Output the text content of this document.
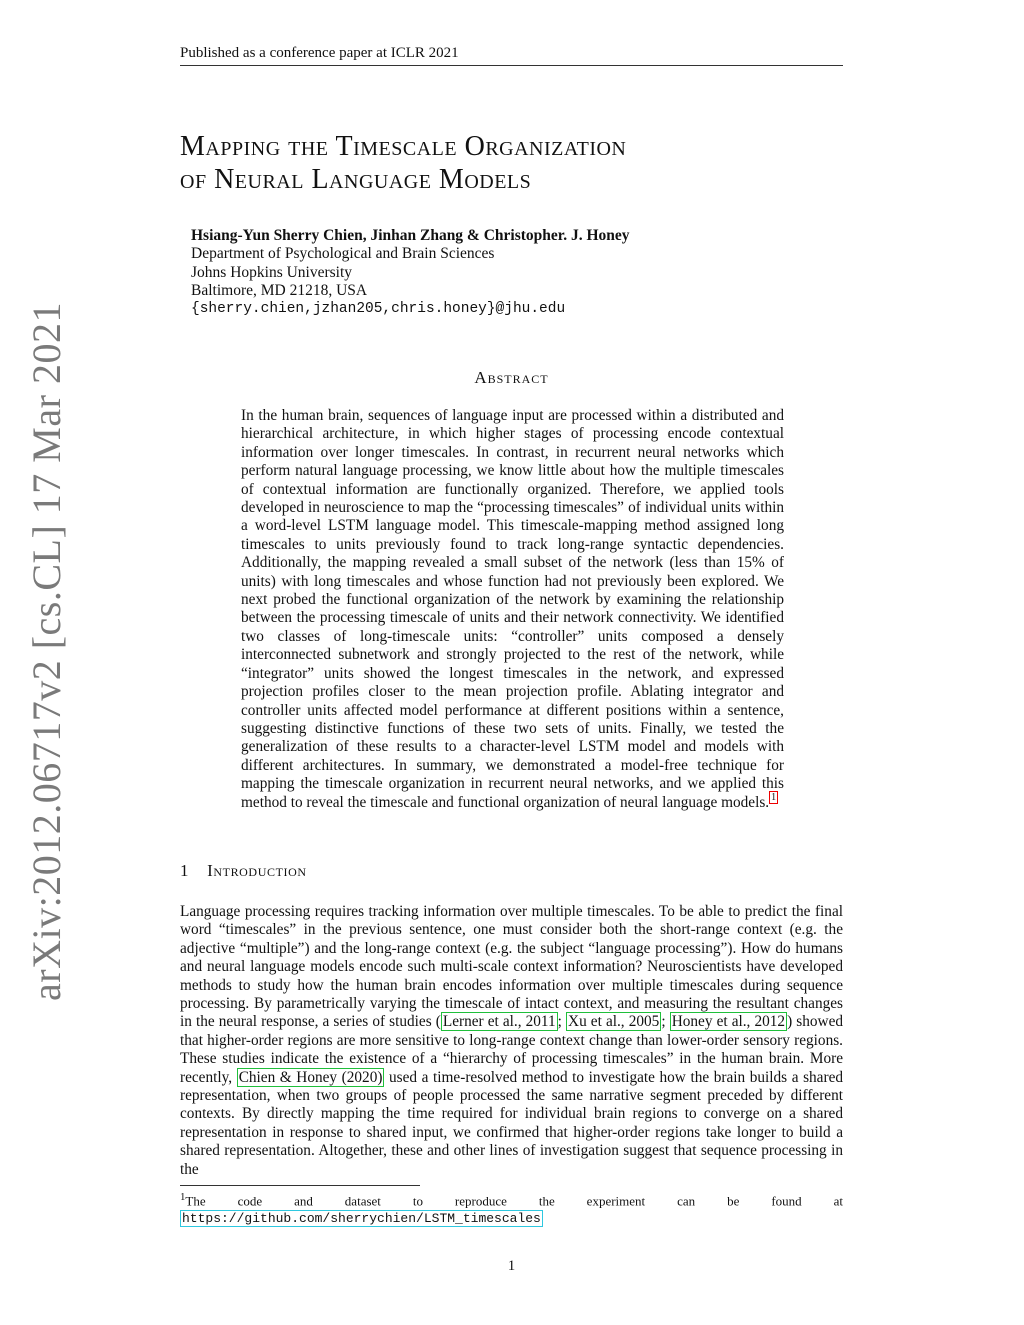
Published as a conference paper at ICLR 2021
arXiv:2012.06717v2 [cs.CL] 17 Mar 2021
Mapping the Timescale Organization
of Neural Language Models
Hsiang-Yun Sherry Chien, Jinhan Zhang & Christopher. J. Honey
Department of Psychological and Brain Sciences
Johns Hopkins University
Baltimore, MD 21218, USA
{sherry.chien,jzhan205,chris.honey}@jhu.edu
Abstract
In the human brain, sequences of language input are processed within a distributed and hierarchical architecture, in which higher stages of processing encode contextual information over longer timescales. In contrast, in recurrent neural networks which perform natural language processing, we know little about how the multiple timescales of contextual information are functionally organized. Therefore, we applied tools developed in neuroscience to map the “processing timescales” of individual units within a word-level LSTM language model. This timescale-mapping method assigned long timescales to units previously found to track long-range syntactic dependencies. Additionally, the mapping revealed a small subset of the network (less than 15% of units) with long timescales and whose function had not previously been explored. We next probed the functional organization of the network by examining the relationship between the processing timescale of units and their network connectivity. We identified two classes of long-timescale units: “controller” units composed a densely interconnected subnetwork and strongly projected to the rest of the network, while “integrator” units showed the longest timescales in the network, and expressed projection profiles closer to the mean projection profile. Ablating integrator and controller units affected model performance at different positions within a sentence, suggesting distinctive functions of these two sets of units. Finally, we tested the generalization of these results to a character-level LSTM model and models with different architectures. In summary, we demonstrated a model-free technique for mapping the timescale organization in recurrent neural networks, and we applied this method to reveal the timescale and functional organization of neural language models. $^1$
1 Introduction
Language processing requires tracking information over multiple timescales. To be able to predict the final word “timescales” in the previous sentence, one must consider both the short-range context (e.g. the adjective “multiple”) and the long-range context (e.g. the subject “language processing”). How do humans and neural language models encode such multi-scale context information? Neuroscientists have developed methods to study how the human brain encodes information over multiple timescales during sequence processing. By parametrically varying the timescale of intact context, and measuring the resultant changes in the neural response, a series of studies ( Lerner et al., 2011 ; Xu et al., 2005 ; Honey et al., 2012 ) showed that higher-order regions are more sensitive to long-range context change than lower-order sensory regions. These studies indicate the existence of a “hierarchy of processing timescales” in the human brain. More recently, Chien & Honey (2020) used a time-resolved method to investigate how the brain builds a shared representation, when two groups of people processed the same narrative segment preceded by different contexts. By directly mapping the time required for individual brain regions to converge on a shared representation in response to shared input, we confirmed that higher-order regions take longer to build a shared representation. Altogether, these and other lines of investigation suggest that sequence processing in the
$^1$The code and dataset to reproduce the experiment can be found at https://github.com/sherrychien/LSTM_timescales
1
